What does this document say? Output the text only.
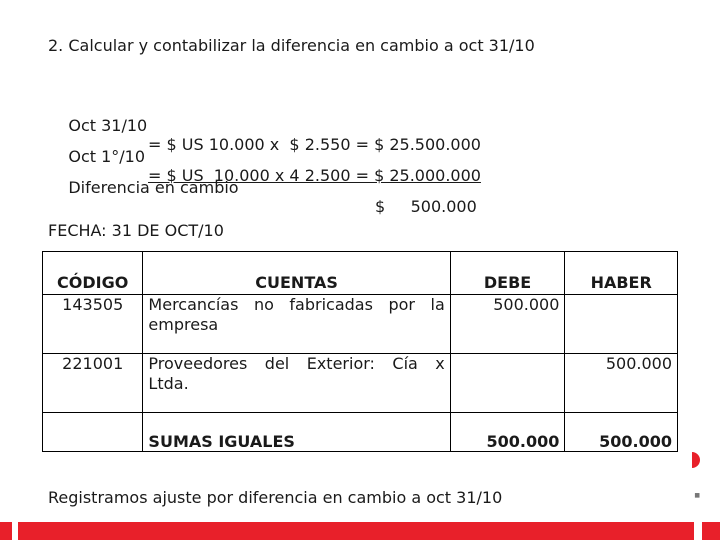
2. Calcular y contabilizar la diferencia en cambio a oct 31/10

Oct 31/10

= $ US 10.000 x  $ 2.550 = $ 25.500.000

Oct 1°/10

= $ US  10.000 x 4 2.500 = $ 25.000.000

Diferencia en cambio

$     500.000

FECHA: 31 DE OCT/10
CÓDIGO	CUENTAS	DEBE	HABER
143505	Mercancías no fabricadas por la
empresa	500.000	
221001	Proveedores del Exterior: Cía x
Ltda.		500.000
	SUMAS IGUALES	500.000	500.000
Registramos ajuste por diferencia en cambio a oct 31/10	■
